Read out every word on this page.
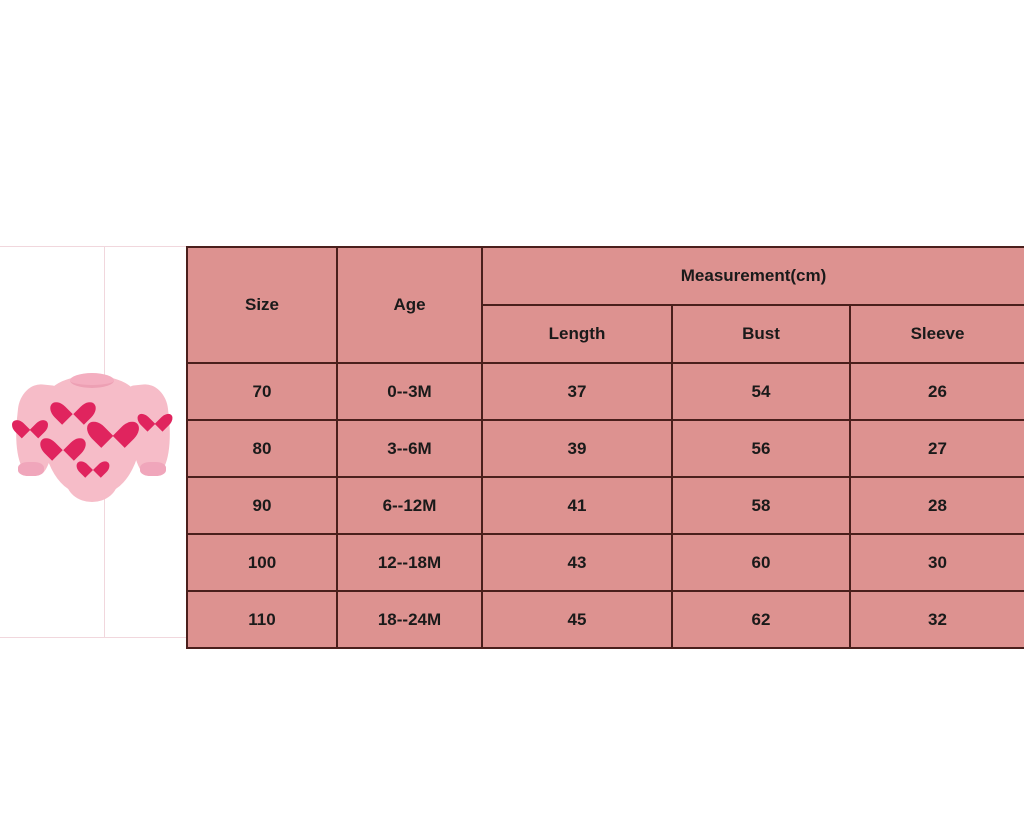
Size	Age	Measurement(cm)		
		Length	Bust	Sleeve
70	0--3M	37	54	26
80	3--6M	39	56	27
90	6--12M	41	58	28
100	12--18M	43	60	30
110	18--24M	45	62	32
